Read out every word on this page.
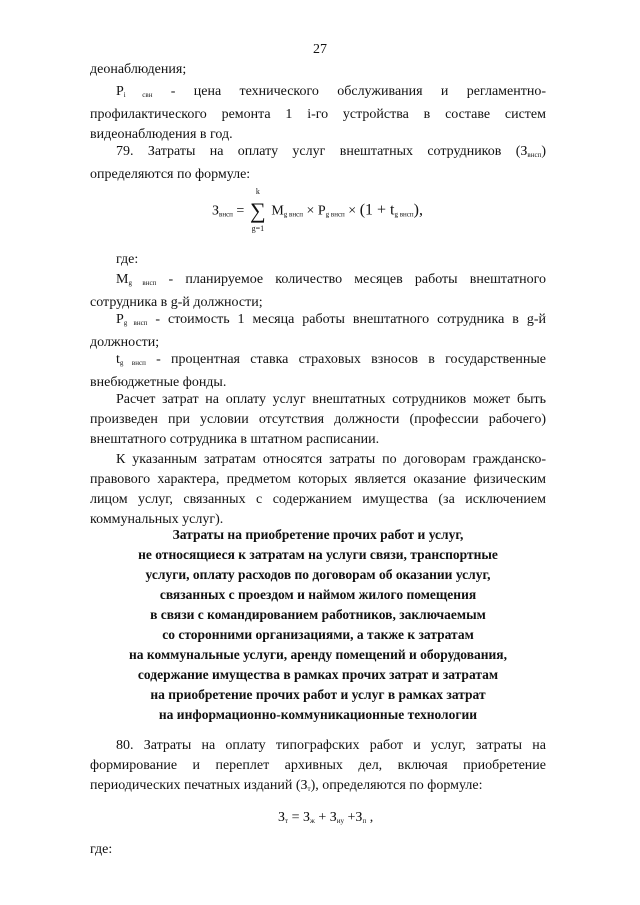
27
деонаблюдения;
$P_{i свн}$ - цена технического обслуживания и регламентно-профилактического ремонта 1 i-го устройства в составе систем видеонаблюдения в год.
79. Затраты на оплату услуг внештатных сотрудников $(З_{внсп})$ определяются по формуле:
$З_{внсп}$ =
k
∑
g=1
$M_{g внсп} \times P_{g внсп} \times (1 + t_{g внсп})$,
где:
$M_{g внсп}$ - планируемое количество месяцев работы внештатного сотрудника в g-й должности;
$P_{g внсп}$ - стоимость 1 месяца работы внештатного сотрудника в g-й должности;
$t_{g внсп}$ - процентная ставка страховых взносов в государственные внебюджетные фонды.
Расчет затрат на оплату услуг внештатных сотрудников может быть произведен при условии отсутствия должности (профессии рабочего) внештатного сотрудника в штатном расписании.
К указанным затратам относятся затраты по договорам гражданско-правового характера, предметом которых является оказание физическим лицом услуг, связанных с содержанием имущества (за исключением коммунальных услуг).
Затраты на приобретение прочих работ и услуг,
не относящиеся к затратам на услуги связи, транспортные
услуги, оплату расходов по договорам об оказании услуг,
связанных с проездом и наймом жилого помещения
в связи с командированием работников, заключаемым
со сторонними организациями, а также к затратам
на коммунальные услуги, аренду помещений и оборудования,
содержание имущества в рамках прочих затрат и затратам
на приобретение прочих работ и услуг в рамках затрат
на информационно-коммуникационные технологии
80. Затраты на оплату типографских работ и услуг, затраты на формирование и переплет архивных дел, включая приобретение периодических печатных изданий $(З_т)$, определяются по формуле:
$З_т = З_ж + З_{иу} +З_п$ ,
где:
